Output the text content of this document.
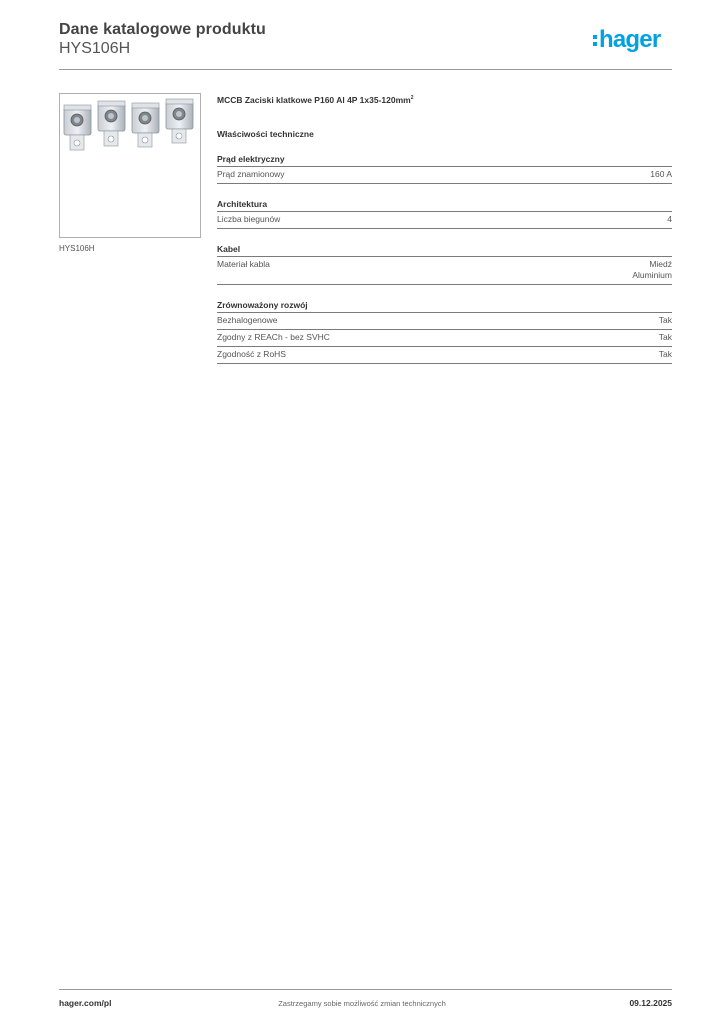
Dane katalogowe produktu
HYS106H	hager
HYS106H
MCCB Zaciski klatkowe P160 Al 4P $1x35-120mm^2$
Właściwości techniczne
Prąd elektryczny
Prąd znamionowy	160 A
Architektura
Liczba biegunów	4
Kabel
Materiał kabla	Miedź
Aluminium
Zrównoważony rozwój
Bezhalogenowe	Tak
Zgodny z REACh - bez SVHC	Tak
Zgodność z RoHS	Tak
hager.com/pl	Zastrzegamy sobie możliwość zmian technicznych	09.12.2025
